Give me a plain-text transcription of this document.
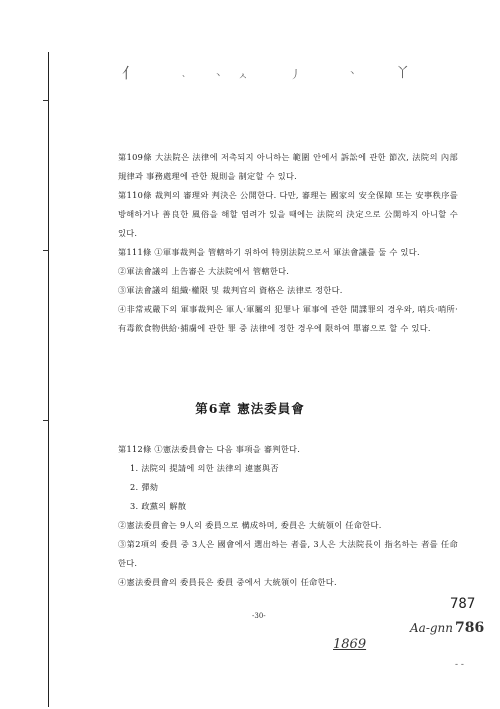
亻	、	丶 ㅅ	丿	丶	丫

第109條 大法院은 法律에 저촉되지 아니하는 範圍 안에서 訴訟에 관한 節次, 法院의 內部規律과 事務處理에 관한 規則을 制定할 수 있다.

第110條 裁判의 審理와 判決은 公開한다. 다만, 審理는 國家의 安全保障 또는 安寧秩序를 방해하거나 善良한 風俗을 해할 염려가 있을 때에는 法院의 決定으로 公開하지 아니할 수 있다.

第111條 ①軍事裁判을 管轄하기 위하여 特別法院으로서 軍法會議를 둘 수 있다.

②軍法會議의 上告審은 大法院에서 管轄한다.

③軍法會議의 組織·權限 및 裁判官의 資格은 法律로 정한다.

④非常戒嚴下의 軍事裁判은 軍人·軍屬의 犯罪나 軍事에 관한 間諜罪의 경우와, 哨兵·哨所·有毒飮食物供給·捕虜에 관한 罪 중 法律에 정한 경우에 限하여 單審으로 할 수 있다.

第6章 憲法委員會

第112條 ①憲法委員會는 다음 事項을 審判한다.

1. 法院의 提請에 의한 法律의 違憲與否

2. 彈劾

3. 政黨의 解散

②憲法委員會는 9人의 委員으로 構成하며, 委員은 大統領이 任命한다.

③第2項의 委員 중 3人은 國會에서 選出하는 者를, 3人은 大法院長이 指名하는 者를 任命한다.

④憲法委員會의 委員長은 委員 중에서 大統領이 任命한다.

-30-
787
Aa-gnn 786
1869
- -
